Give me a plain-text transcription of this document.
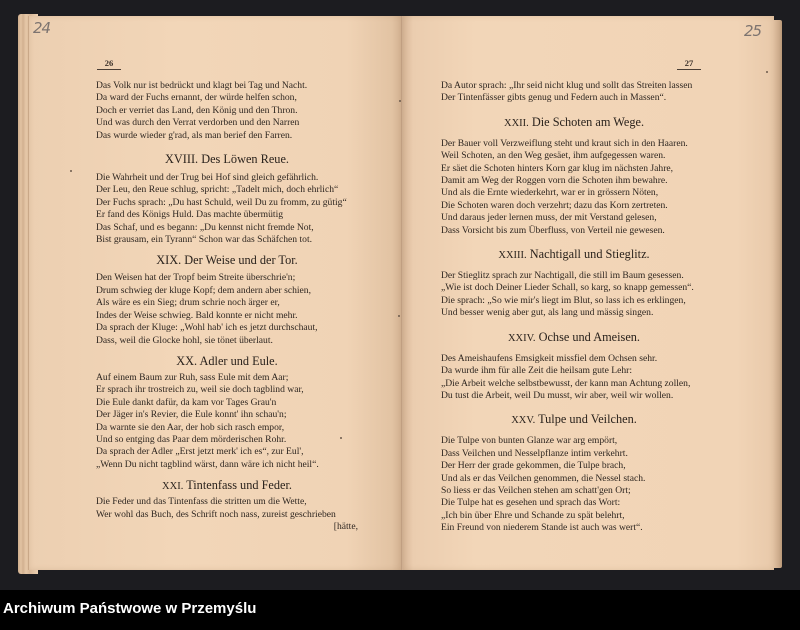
24	25
26	27
Das Volk nur ist bedrückt und klagt bei Tag und Nacht.
Da ward der Fuchs ernannt, der würde helfen schon,
Doch er verriet das Land, den König und den Thron.
Und was durch den Verrat verdorben und den Narren
Das wurde wieder g'rad, als man berief den Farren.
XVIII. Des Löwen Reue.
Die Wahrheit und der Trug bei Hof sind gleich gefährlich.
Der Leu, den Reue schlug, spricht: „Tadelt mich, doch ehrlich“
Der Fuchs sprach: „Du hast Schuld, weil Du zu fromm, zu gütig“
Er fand des Königs Huld. Das machte übermütig
Das Schaf, und es begann: „Du kennst nicht fremde Not,
Bist grausam, ein Tyrann“ Schon war das Schäfchen tot.
XIX. Der Weise und der Tor.
Den Weisen hat der Tropf beim Streite überschrie'n;
Drum schwieg der kluge Kopf; dem andern aber schien,
Als wäre es ein Sieg; drum schrie noch ärger er,
Indes der Weise schwieg. Bald konnte er nicht mehr.
Da sprach der Kluge: „Wohl hab' ich es jetzt durchschaut,
Dass, weil die Glocke hohl, sie tönet überlaut.
XX. Adler und Eule.
Auf einem Baum zur Ruh, sass Eule mit dem Aar;
Er sprach ihr trostreich zu, weil sie doch tagblind war,
Die Eule dankt dafür, da kam vor Tages Grau'n
Der Jäger in's Revier, die Eule konnt' ihn schau'n;
Da warnte sie den Aar, der hob sich rasch empor,
Und so entging das Paar dem mörderischen Rohr.
Da sprach der Adler „Erst jetzt merk' ich es“, zur Eul',
„Wenn Du nicht tagblind wärst, dann wäre ich nicht heil“.
XXI. Tintenfass und Feder.
Die Feder und das Tintenfass die stritten um die Wette,
Wer wohl das Buch, des Schrift noch nass, zureist geschrieben
[hätte,
Da Autor sprach: „Ihr seid nicht klug und sollt das Streiten lassen
Der Tintenfässer gibts genug und Federn auch in Massen“.
XXII. Die Schoten am Wege.
Der Bauer voll Verzweiflung steht und kraut sich in den Haaren.
Weil Schoten, an den Weg gesäet, ihm aufgegessen waren.
Er säet die Schoten hinters Korn gar klug im nächsten Jahre,
Damit am Weg der Roggen vorn die Schoten ihm bewahre.
Und als die Ernte wiederkehrt, war er in grössern Nöten,
Die Schoten waren doch verzehrt; dazu das Korn zertreten.
Und daraus jeder lernen muss, der mit Verstand gelesen,
Dass Vorsicht bis zum Überfluss, von Verteil nie gewesen.
XXIII. Nachtigall und Stieglitz.
Der Stieglitz sprach zur Nachtigall, die still im Baum gesessen.
„Wie ist doch Deiner Lieder Schall, so karg, so knapp gemessen“.
Die sprach: „So wie mir's liegt im Blut, so lass ich es erklingen,
Und besser wenig aber gut, als lang und mässig singen.
XXIV. Ochse und Ameisen.
Des Ameishaufens Emsigkeit missfiel dem Ochsen sehr.
Da wurde ihm für alle Zeit die heilsam gute Lehr:
„Die Arbeit welche selbstbewusst, der kann man Achtung zollen,
Du tust die Arbeit, weil Du musst, wir aber, weil wir wollen.
XXV. Tulpe und Veilchen.
Die Tulpe von bunten Glanze war arg empört,
Dass Veilchen und Nesselpflanze intim verkehrt.
Der Herr der grade gekommen, die Tulpe brach,
Und als er das Veilchen genommen, die Nessel stach.
So liess er das Veilchen stehen am schatt'gen Ort;
Die Tulpe hat es gesehen und sprach das Wort:
„Ich bin über Ehre und Schande zu spät belehrt,
Ein Freund von niederem Stande ist auch was wert“.
Archiwum Państwowe w Przemyślu
